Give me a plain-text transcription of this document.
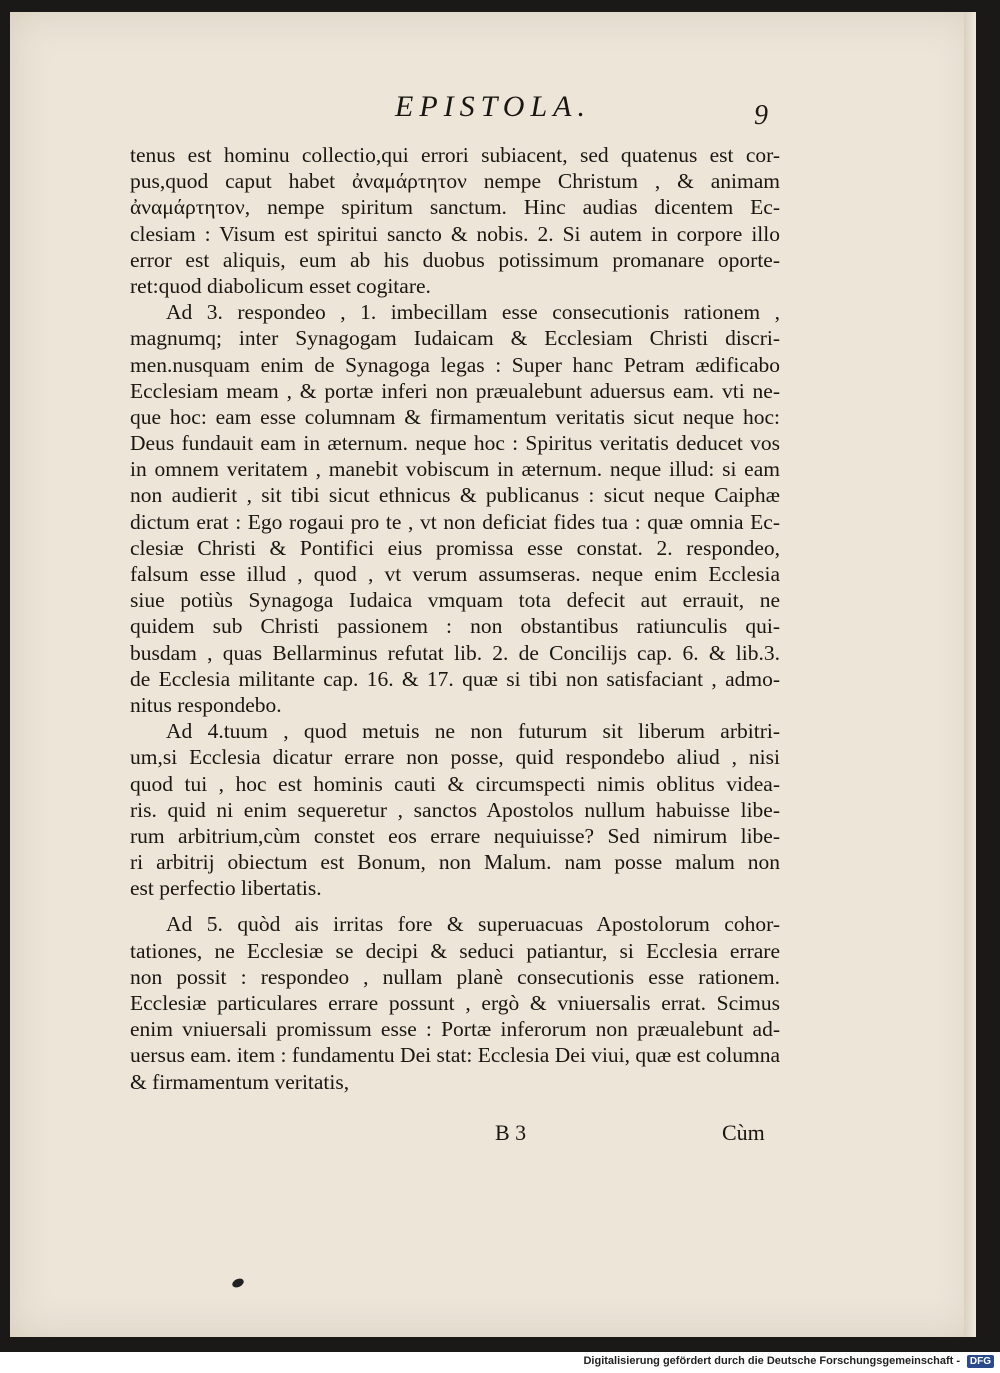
EPISTOLA.	9
tenus est hominu collectio,qui errori subiacent, sed quatenus est cor-
pus,quod caput habet ἀναμάρτητον nempe Christum , & animam
ἀναμάρτητον, nempe spiritum sanctum. Hinc audias dicentem Ec-
clesiam : Visum est spiritui sancto & nobis. 2. Si autem in corpore illo
error est aliquis, eum ab his duobus potissimum promanare oporte-
ret:quod diabolicum esset cogitare.
Ad 3. respondeo , 1. imbecillam esse consecutionis rationem ,
magnumq; inter Synagogam Iudaicam & Ecclesiam Christi discri-
men.nusquam enim de Synagoga legas : Super hanc Petram ædificabo
Ecclesiam meam , & portæ inferi non præualebunt aduersus eam. vti ne-
que hoc: eam esse columnam & firmamentum veritatis sicut neque hoc:
Deus fundauit eam in æternum. neque hoc : Spiritus veritatis deducet vos
in omnem veritatem , manebit vobiscum in æternum. neque illud: si eam
non audierit , sit tibi sicut ethnicus & publicanus : sicut neque Caiphæ
dictum erat : Ego rogaui pro te , vt non deficiat fides tua : quæ omnia Ec-
clesiæ Christi & Pontifici eius promissa esse constat. 2. respondeo,
falsum esse illud , quod , vt verum assumseras. neque enim Ecclesia
siue potiùs Synagoga Iudaica vmquam tota defecit aut errauit, ne
quidem sub Christi passionem : non obstantibus ratiunculis qui-
busdam , quas Bellarminus refutat lib. 2. de Concilijs cap. 6. & lib.3.
de Ecclesia militante cap. 16. & 17. quæ si tibi non satisfaciant , admo-
nitus respondebo.
Ad 4.tuum , quod metuis ne non futurum sit liberum arbitri-
um,si Ecclesia dicatur errare non posse, quid respondebo aliud , nisi
quod tui , hoc est hominis cauti & circumspecti nimis oblitus videa-
ris. quid ni enim sequeretur , sanctos Apostolos nullum habuisse libe-
rum arbitrium,cùm constet eos errare nequiuisse? Sed nimirum libe-
ri arbitrij obiectum est Bonum, non Malum. nam posse malum non
est perfectio libertatis.
Ad 5. quòd ais irritas fore & superuacuas Apostolorum cohor-
tationes, ne Ecclesiæ se decipi & seduci patiantur, si Ecclesia errare
non possit : respondeo , nullam planè consecutionis esse rationem.
Ecclesiæ particulares errare possunt , ergò & vniuersalis errat. Scimus
enim vniuersali promissum esse : Portæ inferorum non præualebunt ad-
uersus eam. item : fundamentu Dei stat: Ecclesia Dei viui, quæ est columna
& firmamentum veritatis,
B 3	Cùm
Digitalisierung gefördert durch die Deutsche Forschungsgemeinschaft - DFG
